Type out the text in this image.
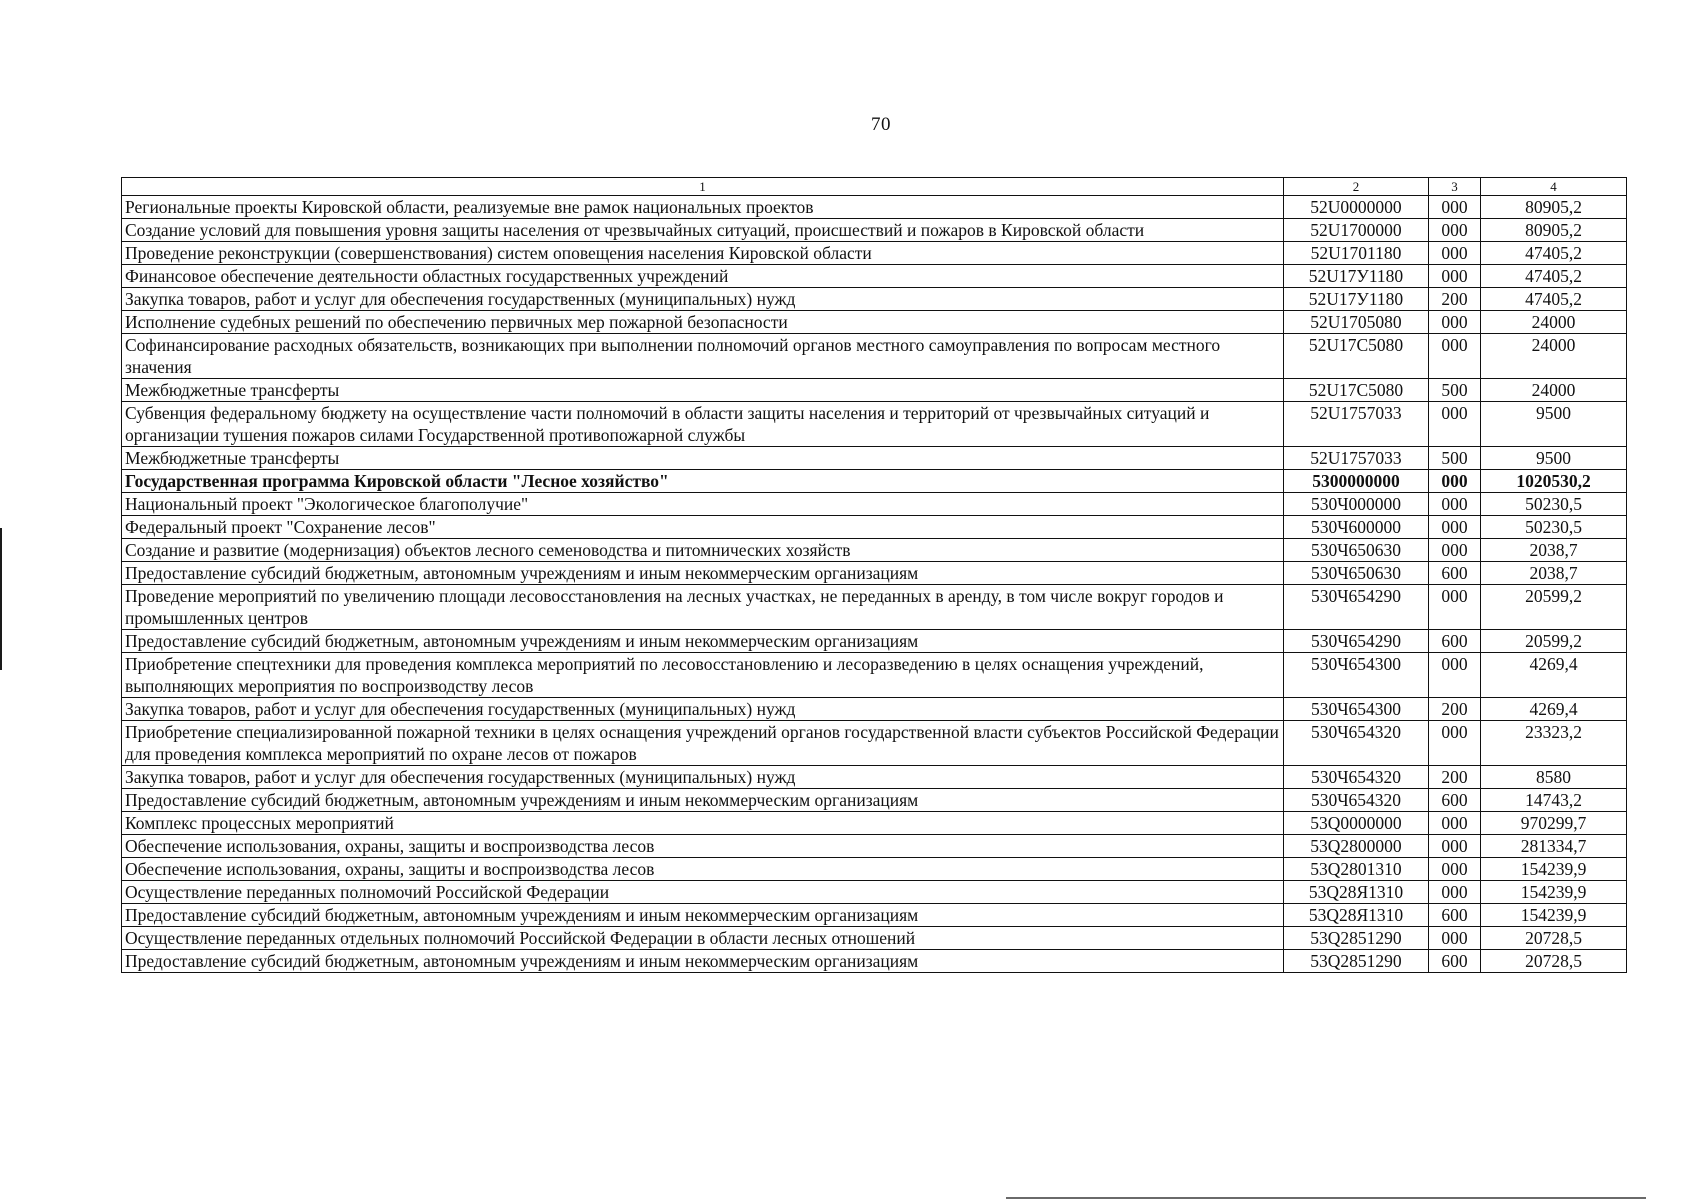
70
1	2	3	4
Региональные проекты Кировской области, реализуемые вне рамок национальных проектов	52U0000000	000	80905,2
Создание условий для повышения уровня защиты населения от чрезвычайных ситуаций, происшествий и пожаров в Кировской области	52U1700000	000	80905,2
Проведение реконструкции (совершенствования) систем оповещения населения Кировской области	52U1701180	000	47405,2
Финансовое обеспечение деятельности областных государственных учреждений	52U17У1180	000	47405,2
Закупка товаров, работ и услуг для обеспечения государственных (муниципальных) нужд	52U17У1180	200	47405,2
Исполнение судебных решений по обеспечению первичных мер пожарной безопасности	52U1705080	000	24000
Софинансирование расходных обязательств, возникающих при выполнении полномочий органов местного самоуправления по вопросам местного значения	52U17C5080	000	24000
Межбюджетные трансферты	52U17C5080	500	24000
Субвенция федеральному бюджету на осуществление части полномочий в области защиты населения и территорий от чрезвычайных ситуаций и организации тушения пожаров силами Государственной противопожарной службы	52U1757033	000	9500
Межбюджетные трансферты	52U1757033	500	9500
Государственная программа Кировской области "Лесное хозяйство"	5300000000	000	1020530,2
Национальный проект "Экологическое благополучие"	530Ч000000	000	50230,5
Федеральный проект "Сохранение лесов"	530Ч600000	000	50230,5
Создание и развитие (модернизация) объектов лесного семеноводства и питомнических хозяйств	530Ч650630	000	2038,7
Предоставление субсидий бюджетным, автономным учреждениям и иным некоммерческим организациям	530Ч650630	600	2038,7
Проведение мероприятий по увеличению площади лесовосстановления на лесных участках, не переданных в аренду, в том числе вокруг городов и промышленных центров	530Ч654290	000	20599,2
Предоставление субсидий бюджетным, автономным учреждениям и иным некоммерческим организациям	530Ч654290	600	20599,2
Приобретение спецтехники для проведения комплекса мероприятий по лесовосстановлению и лесоразведению в целях оснащения учреждений, выполняющих мероприятия по воспроизводству лесов	530Ч654300	000	4269,4
Закупка товаров, работ и услуг для обеспечения государственных (муниципальных) нужд	530Ч654300	200	4269,4
Приобретение специализированной пожарной техники в целях оснащения учреждений органов государственной власти субъектов Российской Федерации для проведения комплекса мероприятий по охране лесов от пожаров	530Ч654320	000	23323,2
Закупка товаров, работ и услуг для обеспечения государственных (муниципальных) нужд	530Ч654320	200	8580
Предоставление субсидий бюджетным, автономным учреждениям и иным некоммерческим организациям	530Ч654320	600	14743,2
Комплекс процессных мероприятий	53Q0000000	000	970299,7
Обеспечение использования, охраны, защиты и воспроизводства лесов	53Q2800000	000	281334,7
Обеспечение использования, охраны, защиты и воспроизводства лесов	53Q2801310	000	154239,9
Осуществление переданных полномочий Российской Федерации	53Q28Я1310	000	154239,9
Предоставление субсидий бюджетным, автономным учреждениям и иным некоммерческим организациям	53Q28Я1310	600	154239,9
Осуществление переданных отдельных полномочий Российской Федерации в области лесных отношений	53Q2851290	000	20728,5
Предоставление субсидий бюджетным, автономным учреждениям и иным некоммерческим организациям	53Q2851290	600	20728,5
